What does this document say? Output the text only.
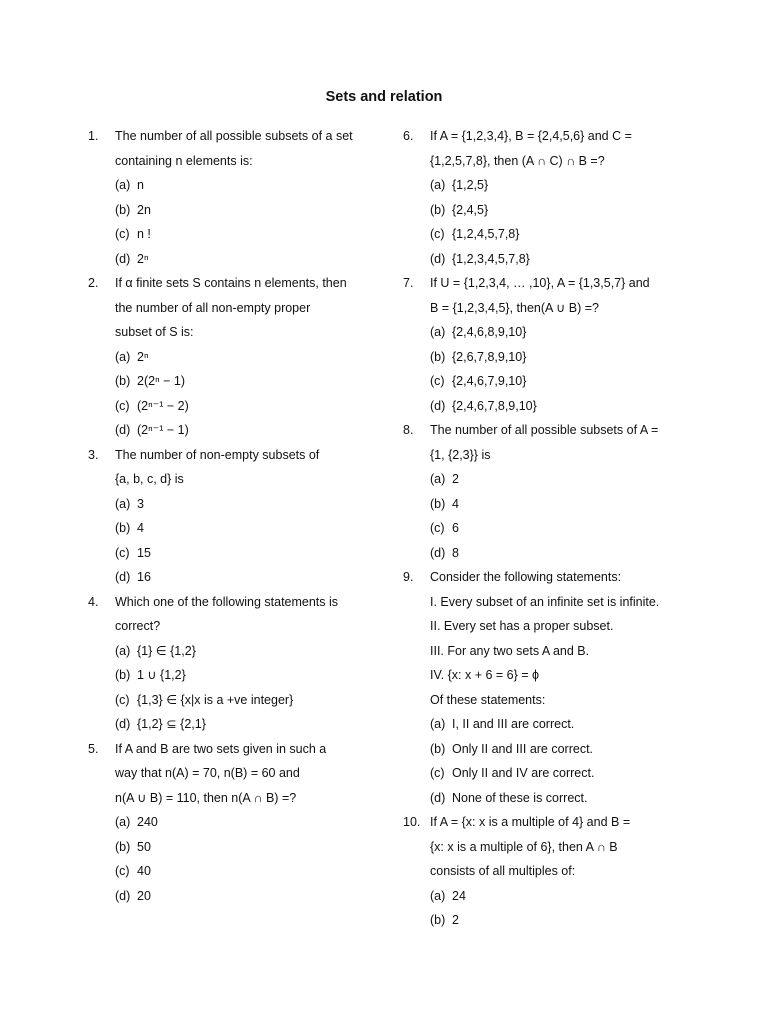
Sets and relation
1. The number of all possible subsets of a set
containing n elements is:
(a) n
(b) 2n
(c) n !
(d) 2ⁿ
2. If α finite sets S contains n elements, then
the number of all non-empty proper
subset of S is:
(a) 2ⁿ
(b) 2(2ⁿ − 1)
(c) (2ⁿ⁻¹ − 2)
(d) (2ⁿ⁻¹ − 1)
3. The number of non-empty subsets of
{a, b, c, d} is
(a) 3
(b) 4
(c) 15
(d) 16
4. Which one of the following statements is
correct?
(a) {1} ∈ {1,2}
(b) 1 ∪ {1,2}
(c) {1,3} ∈ {x|x is a +ve integer}
(d) {1,2} ⊆ {2,1}
5. If A and B are two sets given in such a
way that n(A) = 70, n(B) = 60 and
n(A ∪ B) = 110, then n(A ∩ B) =?
(a) 240
(b) 50
(c) 40
(d) 20
6. If A = {1,2,3,4}, B = {2,4,5,6} and C =
{1,2,5,7,8}, then (A ∩ C) ∩ B =?
(a) {1,2,5}
(b) {2,4,5}
(c) {1,2,4,5,7,8}
(d) {1,2,3,4,5,7,8}
7. If U = {1,2,3,4, … ,10}, A = {1,3,5,7} and
B = {1,2,3,4,5}, then(A ∪ B) =?
(a) {2,4,6,8,9,10}
(b) {2,6,7,8,9,10}
(c) {2,4,6,7,9,10}
(d) {2,4,6,7,8,9,10}
8. The number of all possible subsets of A =
{1, {2,3}} is
(a) 2
(b) 4
(c) 6
(d) 8
9. Consider the following statements:
I. Every subset of an infinite set is infinite.
II. Every set has a proper subset.
III. For any two sets A and B.
IV. {x: x + 6 = 6} = ϕ
Of these statements:
(a) I, II and III are correct.
(b) Only II and III are correct.
(c) Only II and IV are correct.
(d) None of these is correct.
10. If A = {x: x is a multiple of 4} and B =
{x: x is a multiple of 6}, then A ∩ B
consists of all multiples of:
(a) 24
(b) 2
